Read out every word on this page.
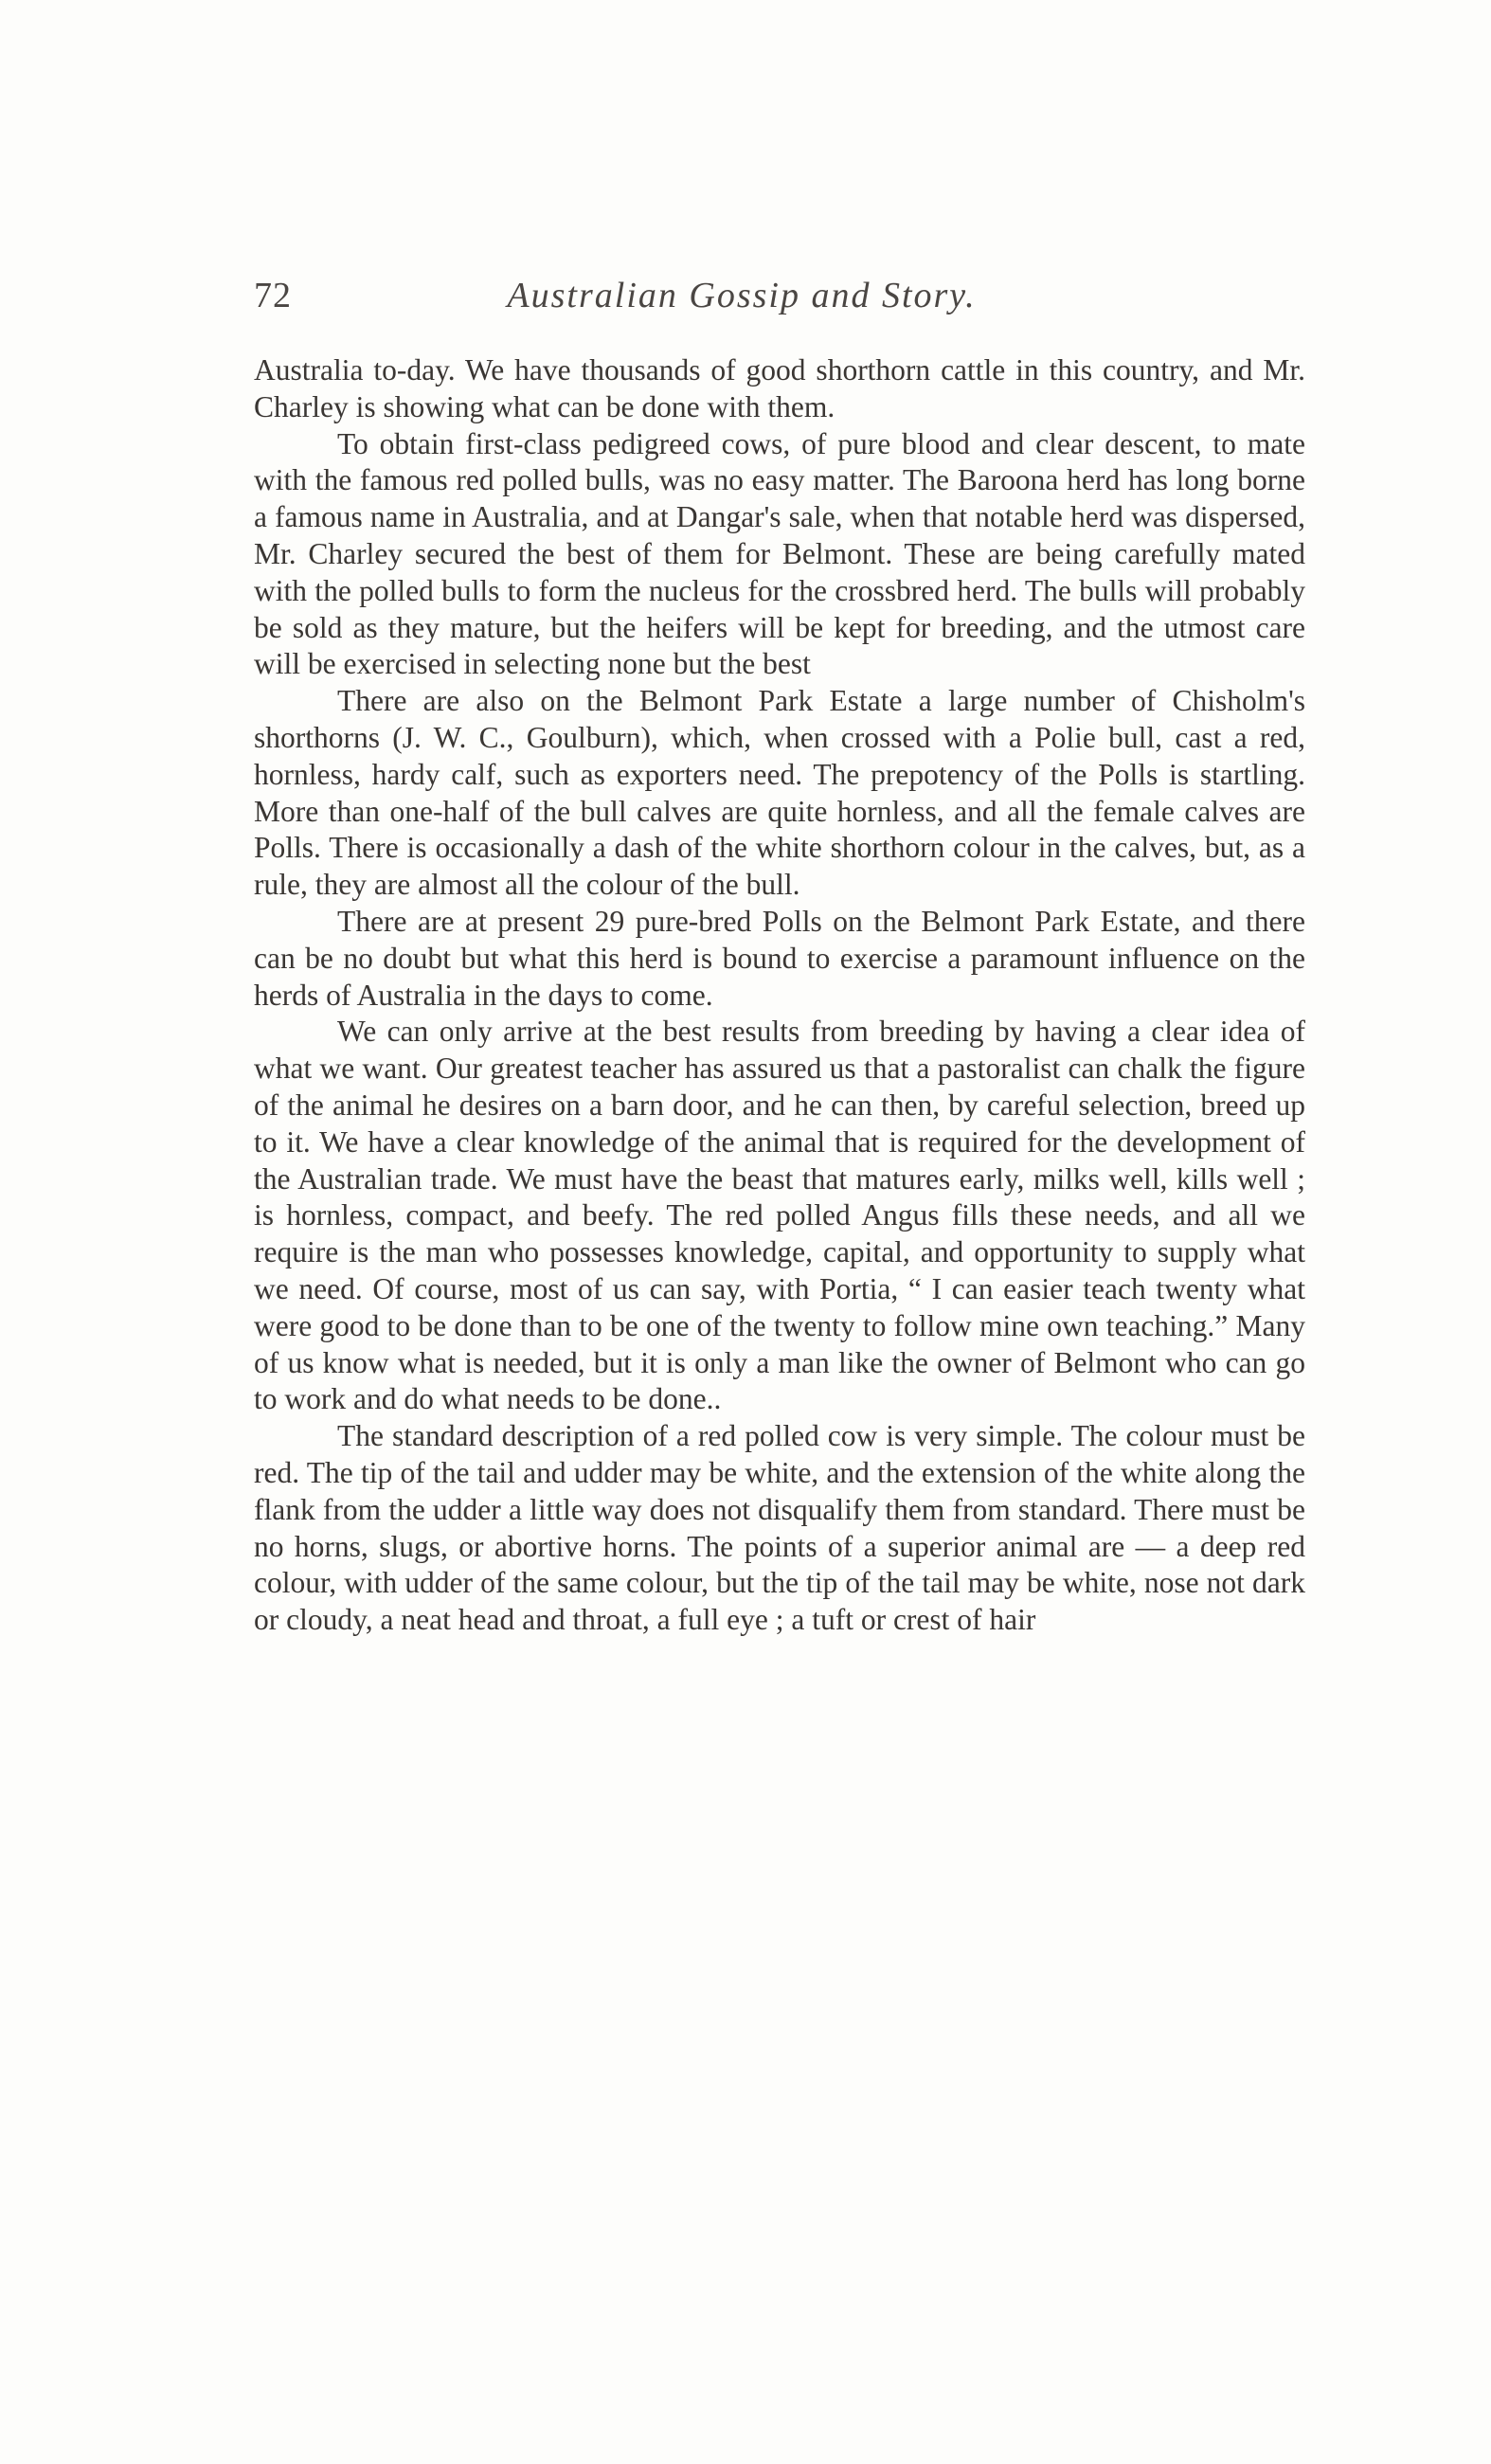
72	Australian Gossip and Story.

Australia to-day. We have thousands of good shorthorn cattle in this country, and Mr. Charley is showing what can be done with them.

To obtain first-class pedigreed cows, of pure blood and clear descent, to mate with the famous red polled bulls, was no easy matter. The Baroona herd has long borne a famous name in Australia, and at Dangar's sale, when that notable herd was dispersed, Mr. Charley secured the best of them for Belmont. These are being carefully mated with the polled bulls to form the nucleus for the crossbred herd. The bulls will probably be sold as they mature, but the heifers will be kept for breeding, and the utmost care will be exercised in selecting none but the best

There are also on the Belmont Park Estate a large number of Chisholm's shorthorns (J. W. C., Goulburn), which, when crossed with a Polie bull, cast a red, hornless, hardy calf, such as exporters need. The prepotency of the Polls is startling. More than one-half of the bull calves are quite hornless, and all the female calves are Polls. There is occasionally a dash of the white shorthorn colour in the calves, but, as a rule, they are almost all the colour of the bull.

There are at present 29 pure-bred Polls on the Belmont Park Estate, and there can be no doubt but what this herd is bound to exercise a paramount influence on the herds of Australia in the days to come.

We can only arrive at the best results from breeding by having a clear idea of what we want. Our greatest teacher has assured us that a pastoralist can chalk the figure of the animal he desires on a barn door, and he can then, by careful selection, breed up to it. We have a clear knowledge of the animal that is required for the development of the Australian trade. We must have the beast that matures early, milks well, kills well ; is hornless, compact, and beefy. The red polled Angus fills these needs, and all we require is the man who possesses knowledge, capital, and opportunity to supply what we need. Of course, most of us can say, with Portia, “ I can easier teach twenty what were good to be done than to be one of the twenty to follow mine own teaching.” Many of us know what is needed, but it is only a man like the owner of Belmont who can go to work and do what needs to be done..

The standard description of a red polled cow is very simple. The colour must be red. The tip of the tail and udder may be white, and the extension of the white along the flank from the udder a little way does not disqualify them from standard. There must be no horns, slugs, or abortive horns. The points of a superior animal are — a deep red colour, with udder of the same colour, but the tip of the tail may be white, nose not dark or cloudy, a neat head and throat, a full eye ; a tuft or crest of hair
